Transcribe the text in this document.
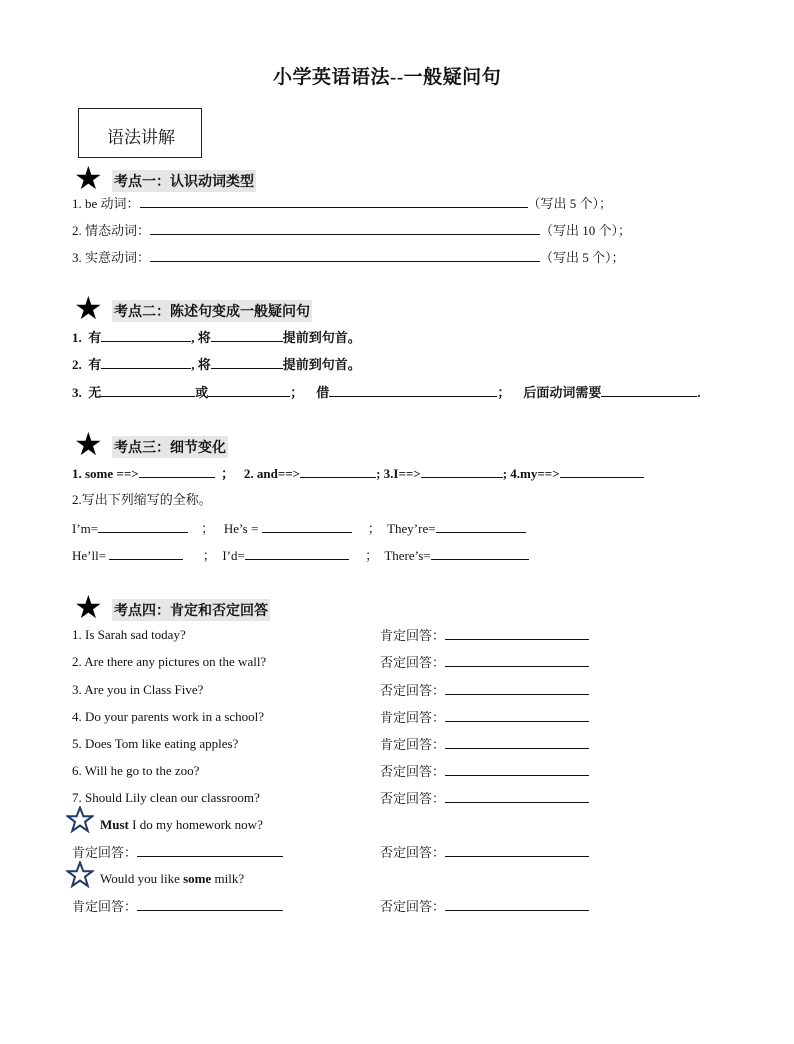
小学英语语法--一般疑问句
语法讲解
★ 考点一：认识动词类型
1. be 动词：	（写出 5 个）；
2. 情态动词：	（写出 10 个）；
3. 实意动词：	（写出 5 个）；
★ 考点二：陈述句变成一般疑问句
1. 有	, 将	提前到句首。
2. 有	, 将	提前到句首。
3. 无	或	； 借	； 后面动词需要	.
★ 考点三：细节变化
1. some ==>	； 2. and==>	; 3.I==>	; 4.my==>
2.写出下列缩写的全称。
I’m=	； He’s =	； They’re=
He’ll=	； I’d=	； There’s=
★ 考点四：肯定和否定回答
1. Is Sarah sad today?	肯定回答：
2. Are there any pictures on the wall?	否定回答：
3. Are you in Class Five?	否定回答：
4. Do your parents work in a school?	肯定回答：
5. Does Tom like eating apples?	肯定回答：
6. Will he go to the zoo?	否定回答：
7. Should Lily clean our classroom?	否定回答：
Must I do my homework now?
肯定回答：	否定回答：
Would you like some milk?
肯定回答：	否定回答：
